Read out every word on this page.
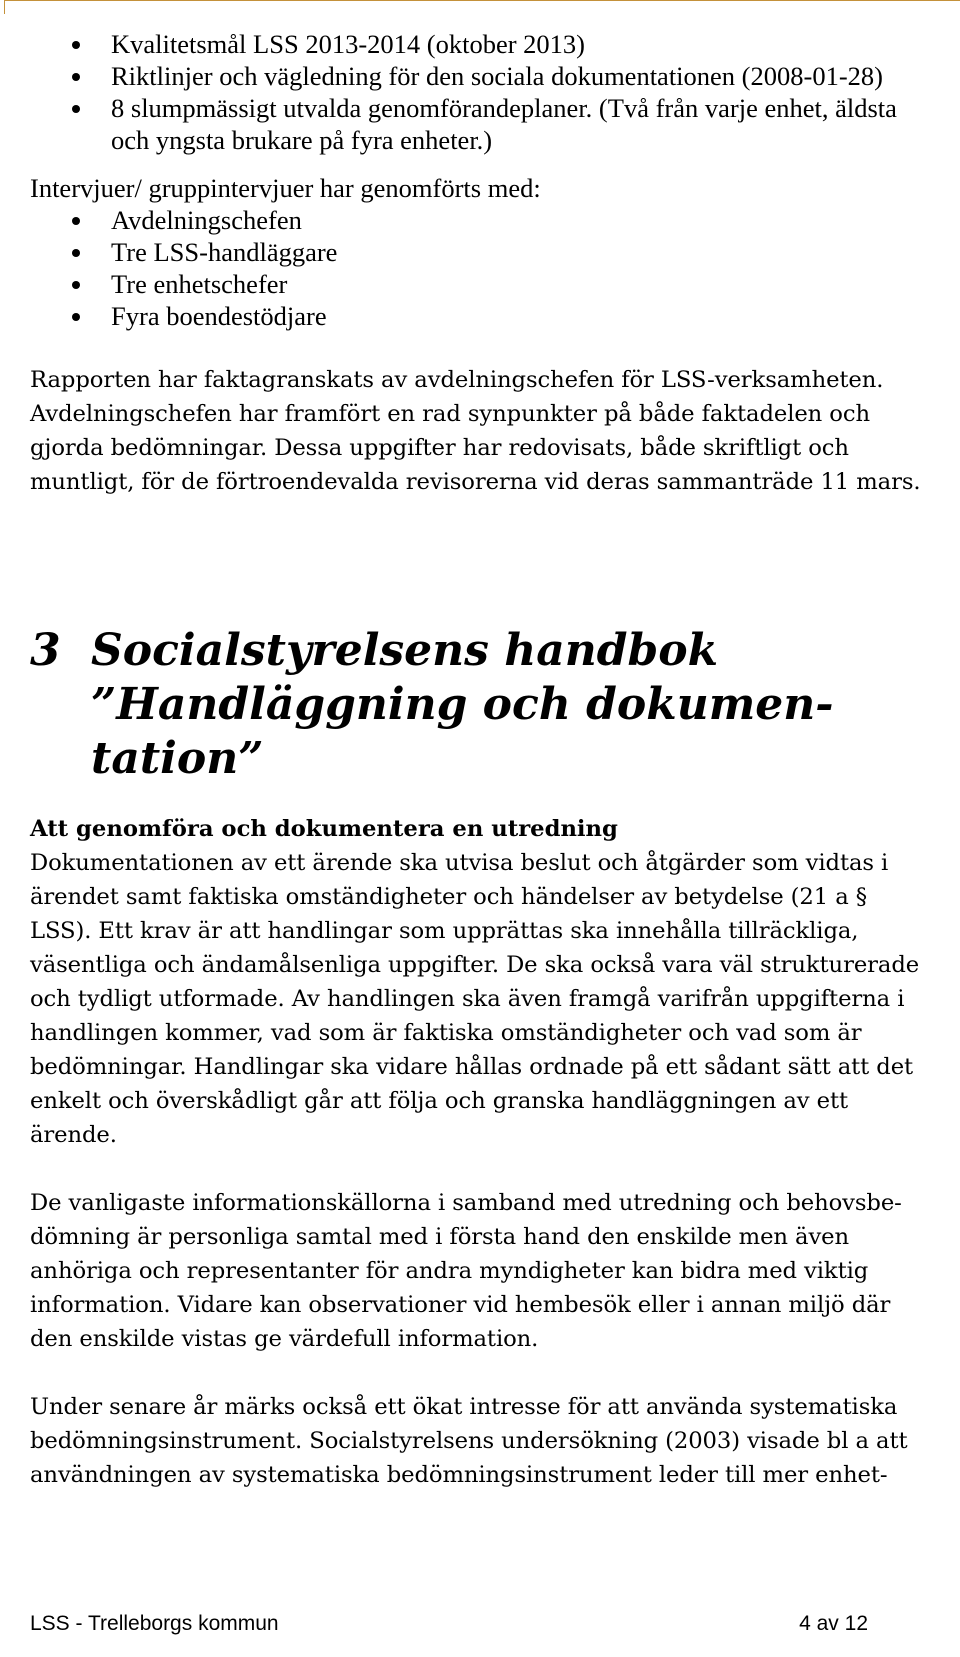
Kvalitetsmål LSS 2013-2014 (oktober 2013)
Riktlinjer och vägledning för den sociala dokumentationen (2008-01-28)
8 slumpmässigt utvalda genomförandeplaner. (Två från varje enhet, äldsta och yngsta brukare på fyra enheter.)

Intervjuer/ gruppintervjuer har genomförts med:

Avdelningschefen
Tre LSS-handläggare
Tre enhetschefer
Fyra boendestödjare

Rapporten har faktagranskats av avdelningschefen för LSS-verksamheten. Avdelningschefen har framfört en rad synpunkter på både faktadelen och gjorda bedömningar. Dessa uppgifter har redovisats, både skriftligt och muntligt, för de förtroendevalda revisorerna vid deras sammanträde 11 mars.

3 Socialstyrelsens handbok ”Handläggning och dokumen-tation”
Att genomföra och dokumentera en utredning

Dokumentationen av ett ärende ska utvisa beslut och åtgärder som vidtas i ärendet samt faktiska omständigheter och händelser av betydelse (21 a § LSS). Ett krav är att handlingar som upprättas ska innehålla tillräckliga, väsentliga och ändamålsenliga uppgifter. De ska också vara väl strukturerade och tydligt utformade. Av handlingen ska även framgå varifrån uppgifterna i handlingen kommer, vad som är faktiska omständigheter och vad som är bedömningar. Handlingar ska vidare hållas ordnade på ett sådant sätt att det enkelt och överskådligt går att följa och granska handläggningen av ett ärende.

De vanligaste informationskällorna i samband med utredning och behovsbe-dömning är personliga samtal med i första hand den enskilde men även anhöriga och representanter för andra myndigheter kan bidra med viktig information. Vidare kan observationer vid hembesök eller i annan miljö där den enskilde vistas ge värdefull information.

Under senare år märks också ett ökat intresse för att använda systematiska bedömningsinstrument. Socialstyrelsens undersökning (2003) visade bl a att användningen av systematiska bedömningsinstrument leder till mer enhet-

LSS - Trelleborgs kommun	4 av 12
